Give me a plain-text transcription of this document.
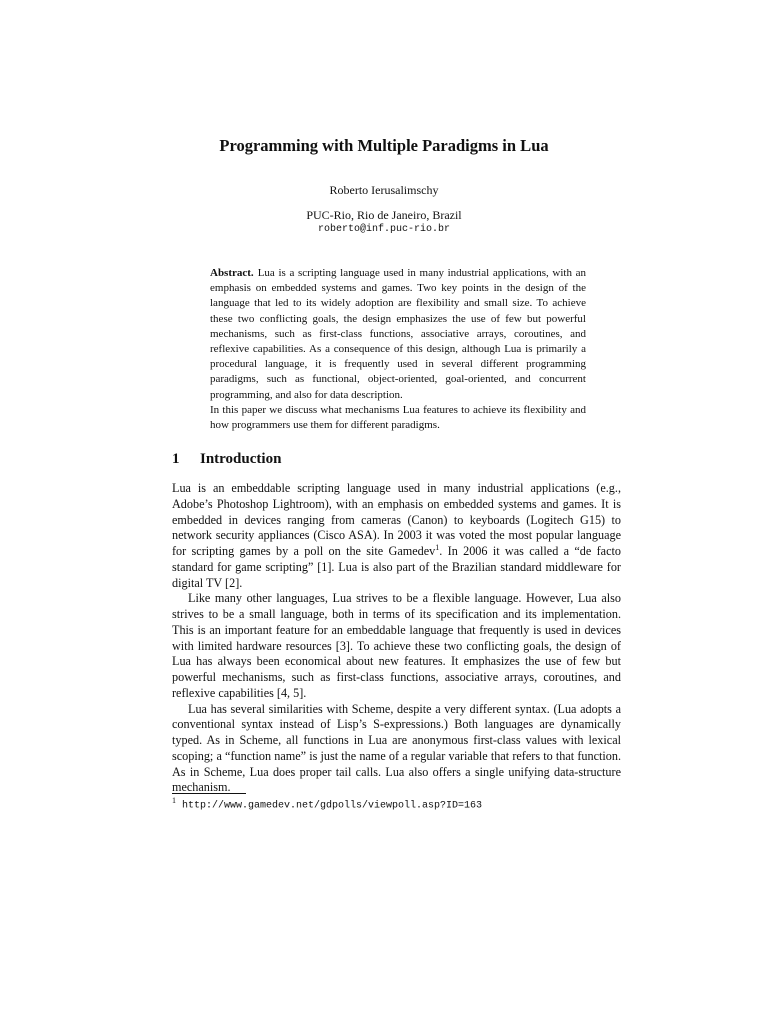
Programming with Multiple Paradigms in Lua
Roberto Ierusalimschy
PUC-Rio, Rio de Janeiro, Brazil
roberto@inf.puc-rio.br

Abstract. Lua is a scripting language used in many industrial applications, with an emphasis on embedded systems and games. Two key points in the design of the language that led to its widely adoption are flexibility and small size. To achieve these two conflicting goals, the design emphasizes the use of few but powerful mechanisms, such as first-class functions, associative arrays, coroutines, and reflexive capabilities. As a consequence of this design, although Lua is primarily a procedural language, it is frequently used in several different programming paradigms, such as functional, object-oriented, goal-oriented, and concurrent programming, and also for data description.

In this paper we discuss what mechanisms Lua features to achieve its flexibility and how programmers use them for different paradigms.

1 Introduction

Lua is an embeddable scripting language used in many industrial applications (e.g., Adobe’s Photoshop Lightroom), with an emphasis on embedded systems and games. It is embedded in devices ranging from cameras (Canon) to keyboards (Logitech G15) to network security appliances (Cisco ASA). In 2003 it was voted the most popular language for scripting games by a poll on the site Gamedev$^1$. In 2006 it was called a “de facto standard for game scripting” [1]. Lua is also part of the Brazilian standard middleware for digital TV [2].

Like many other languages, Lua strives to be a flexible language. However, Lua also strives to be a small language, both in terms of its specification and its implementation. This is an important feature for an embeddable language that frequently is used in devices with limited hardware resources [3]. To achieve these two conflicting goals, the design of Lua has always been economical about new features. It emphasizes the use of few but powerful mechanisms, such as first-class functions, associative arrays, coroutines, and reflexive capabilities [4, 5].

Lua has several similarities with Scheme, despite a very different syntax. (Lua adopts a conventional syntax instead of Lisp’s S-expressions.) Both languages are dynamically typed. As in Scheme, all functions in Lua are anonymous first-class values with lexical scoping; a “function name” is just the name of a regular variable that refers to that function. As in Scheme, Lua does proper tail calls. Lua also offers a single unifying data-structure mechanism.

$^1$ http://www.gamedev.net/gdpolls/viewpoll.asp?ID=163
